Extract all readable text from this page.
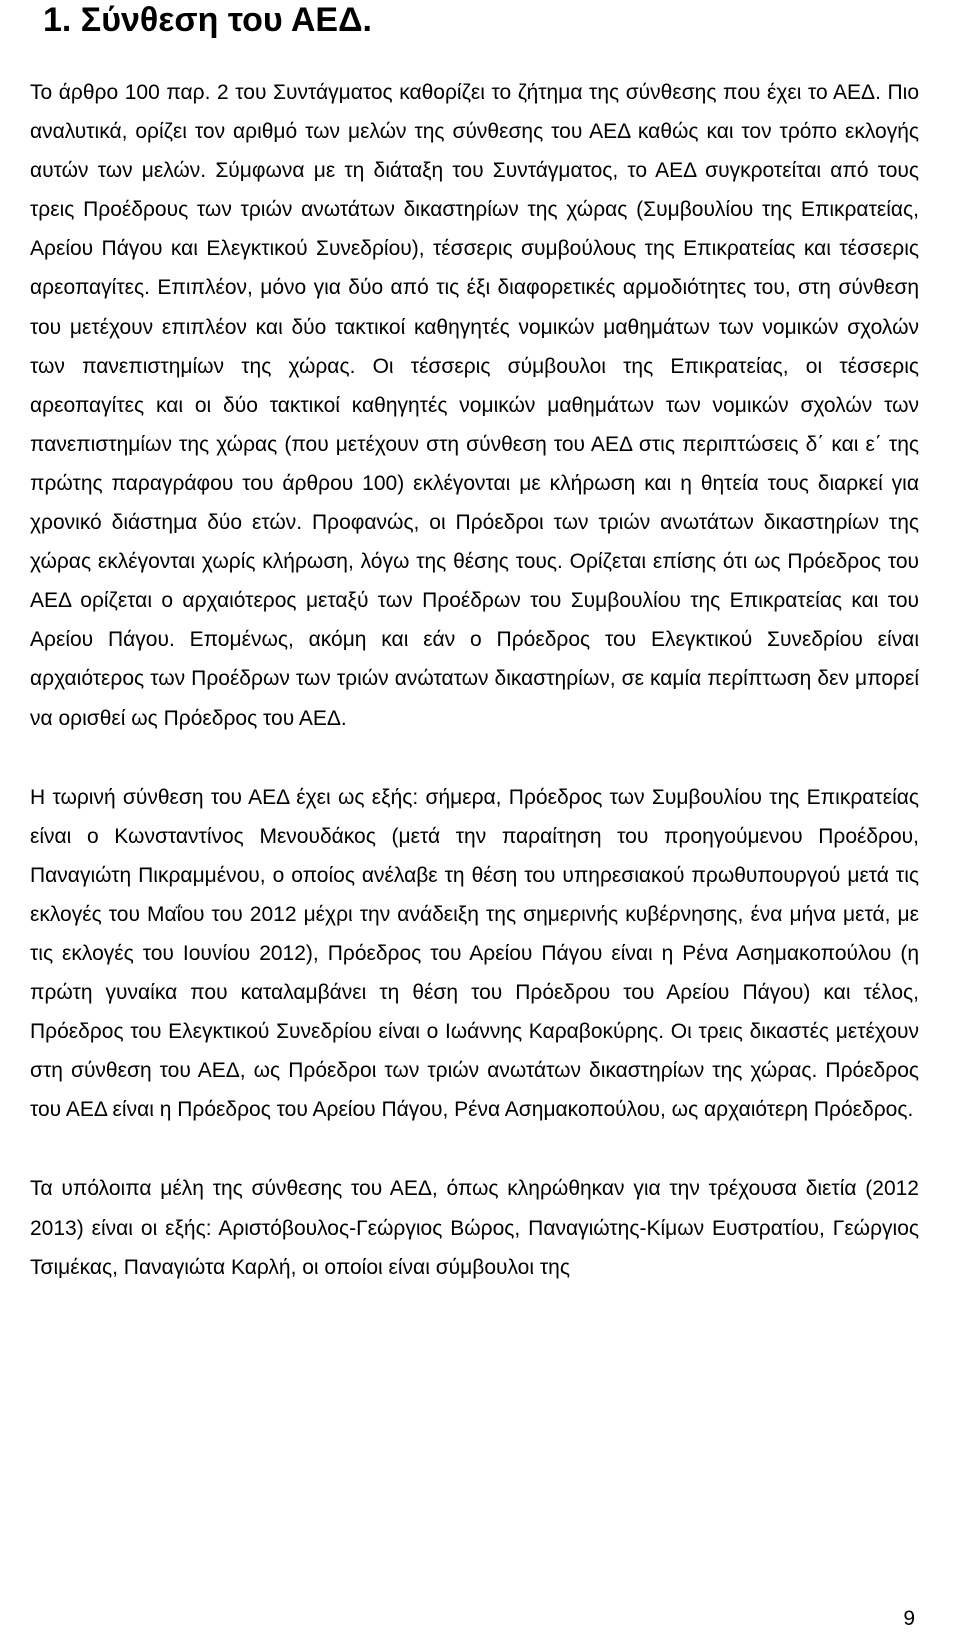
1. Σύνθεση του ΑΕΔ.

Το άρθρο 100 παρ. 2 του Συντάγματος καθορίζει το ζήτημα της σύνθεσης που έχει το ΑΕΔ. Πιο αναλυτικά, ορίζει τον αριθμό των μελών της σύνθεσης του ΑΕΔ καθώς και τον τρόπο εκλογής αυτών των μελών. Σύμφωνα με τη διάταξη του Συντάγματος, το ΑΕΔ συγκροτείται από τους τρεις Προέδρους των τριών ανωτάτων δικαστηρίων της χώρας (Συμβουλίου της Επικρατείας, Αρείου Πάγου και Ελεγκτικού Συνεδρίου), τέσσερις συμβούλους της Επικρατείας και τέσσερις αρεοπαγίτες. Επιπλέον, μόνο για δύο από τις έξι διαφορετικές αρμοδιότητες του, στη σύνθεση του μετέχουν επιπλέον και δύο τακτικοί καθηγητές νομικών μαθημάτων των νομικών σχολών των πανεπιστημίων της χώρας. Οι τέσσερις σύμβουλοι της Επικρατείας, οι τέσσερις αρεοπαγίτες και οι δύο τακτικοί καθηγητές νομικών μαθημάτων των νομικών σχολών των πανεπιστημίων της χώρας (που μετέχουν στη σύνθεση του ΑΕΔ στις περιπτώσεις δ΄ και ε΄ της πρώτης παραγράφου του άρθρου 100) εκλέγονται με κλήρωση και η θητεία τους διαρκεί για χρονικό διάστημα δύο ετών. Προφανώς, οι Πρόεδροι των τριών ανωτάτων δικαστηρίων της χώρας εκλέγονται χωρίς κλήρωση, λόγω της θέσης τους. Ορίζεται επίσης ότι ως Πρόεδρος του ΑΕΔ ορίζεται ο αρχαιότερος μεταξύ των Προέδρων του Συμβουλίου της Επικρατείας και του Αρείου Πάγου. Επομένως, ακόμη και εάν ο Πρόεδρος του Ελεγκτικού Συνεδρίου είναι αρχαιότερος των Προέδρων των τριών ανώτατων δικαστηρίων, σε καμία περίπτωση δεν μπορεί να ορισθεί ως Πρόεδρος του ΑΕΔ.

Η τωρινή σύνθεση του ΑΕΔ έχει ως εξής: σήμερα, Πρόεδρος των Συμβουλίου της Επικρατείας είναι ο Κωνσταντίνος Μενουδάκος (μετά την παραίτηση του προηγούμενου Προέδρου, Παναγιώτη Πικραμμένου, ο οποίος ανέλαβε τη θέση του υπηρεσιακού πρωθυπουργού μετά τις εκλογές του Μαΐου του 2012 μέχρι την ανάδειξη της σημερινής κυβέρνησης, ένα μήνα μετά, με τις εκλογές του Ιουνίου 2012), Πρόεδρος του Αρείου Πάγου είναι η Ρένα Ασημακοπούλου (η πρώτη γυναίκα που καταλαμβάνει τη θέση του Πρόεδρου του Αρείου Πάγου) και τέλος, Πρόεδρος του Ελεγκτικού Συνεδρίου είναι ο Ιωάννης Καραβοκύρης. Οι τρεις δικαστές μετέχουν στη σύνθεση του ΑΕΔ, ως Πρόεδροι των τριών ανωτάτων δικαστηρίων της χώρας. Πρόεδρος του ΑΕΔ είναι η Πρόεδρος του Αρείου Πάγου, Ρένα Ασημακοπούλου, ως αρχαιότερη Πρόεδρος.

Τα υπόλοιπα μέλη της σύνθεσης του ΑΕΔ, όπως κληρώθηκαν για την τρέχουσα διετία (2012 2013) είναι οι εξής: Αριστόβουλος-Γεώργιος Βώρος, Παναγιώτης-Κίμων Ευστρατίου, Γεώργιος Τσιμέκας, Παναγιώτα Καρλή, οι οποίοι είναι σύμβουλοι της

9
